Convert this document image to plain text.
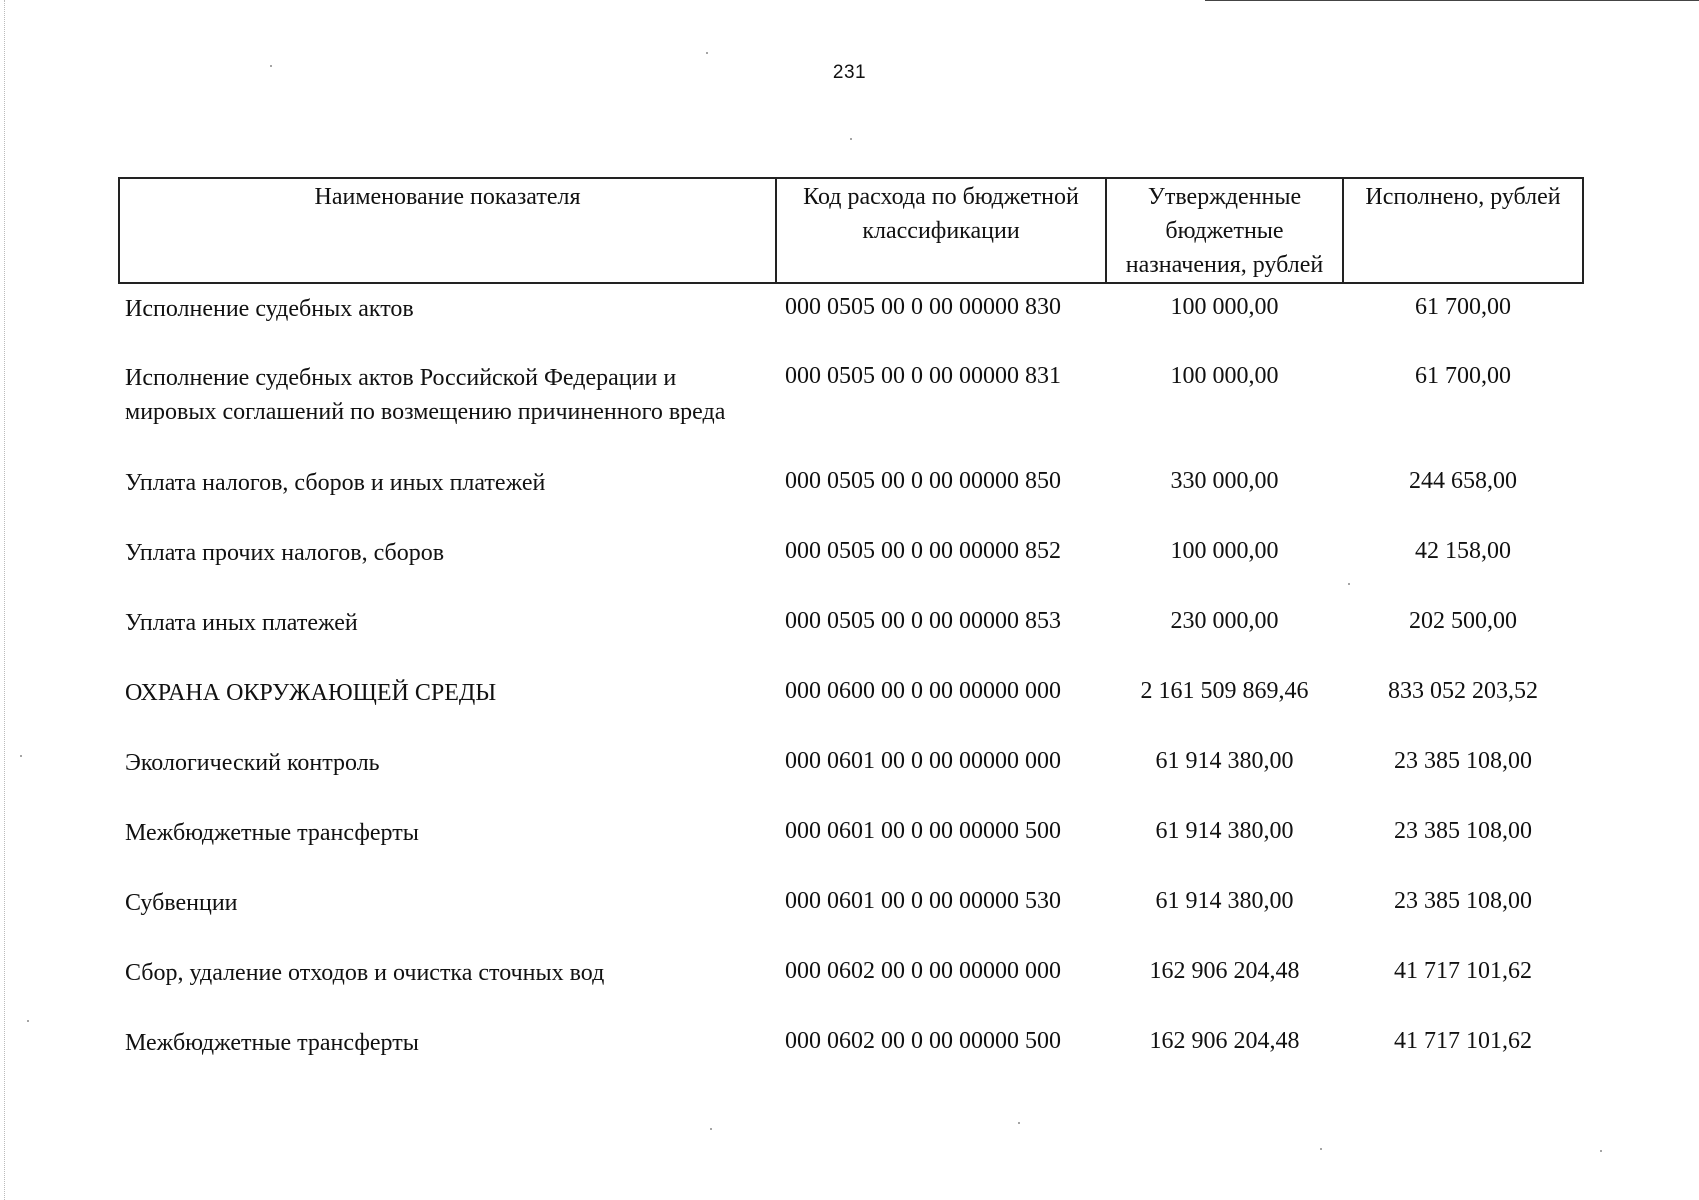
231
Наименование показателя	Код расхода по бюджетной классификации	Утвержденные бюджетные назначения, рублей	Исполнено, рублей
Исполнение судебных актов	000 0505 00 0 00 00000 830	100 000,00	61 700,00
Исполнение судебных актов Российской Федерации и мировых соглашений по возмещению причиненного вреда	000 0505 00 0 00 00000 831	100 000,00	61 700,00
Уплата налогов, сборов и иных платежей	000 0505 00 0 00 00000 850	330 000,00	244 658,00
Уплата прочих налогов, сборов	000 0505 00 0 00 00000 852	100 000,00	42 158,00
Уплата иных платежей	000 0505 00 0 00 00000 853	230 000,00	202 500,00
ОХРАНА ОКРУЖАЮЩЕЙ СРЕДЫ	000 0600 00 0 00 00000 000	2 161 509 869,46	833 052 203,52
Экологический контроль	000 0601 00 0 00 00000 000	61 914 380,00	23 385 108,00
Межбюджетные трансферты	000 0601 00 0 00 00000 500	61 914 380,00	23 385 108,00
Субвенции	000 0601 00 0 00 00000 530	61 914 380,00	23 385 108,00
Сбор, удаление отходов и очистка сточных вод	000 0602 00 0 00 00000 000	162 906 204,48	41 717 101,62
Межбюджетные трансферты	000 0602 00 0 00 00000 500	162 906 204,48	41 717 101,62
